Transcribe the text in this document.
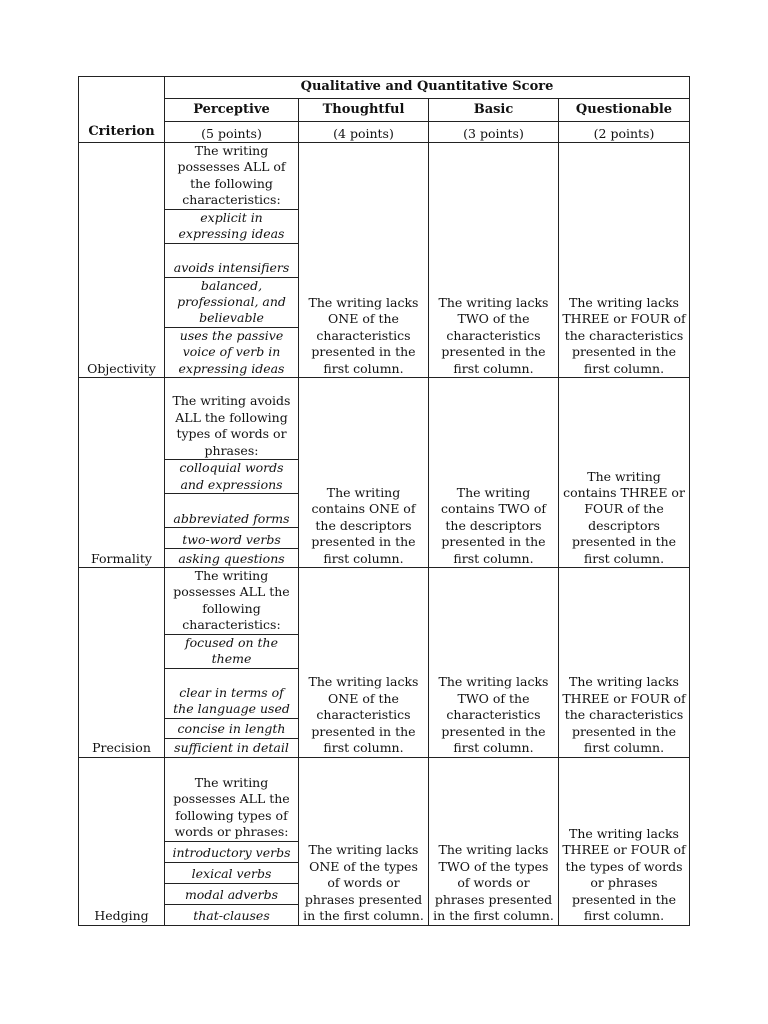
Criterion	Qualitative and Quantitative Score			
	Perceptive	Thoughtful	Basic	Questionable
	(5 points)	(4 points)	(3 points)	(2 points)
Objectivity	The writing possesses ALL of the following characteristics:	The writing lacks ONE of the characteristics presented in the first column.	The writing lacks TWO of the characteristics presented in the first column.	The writing lacks THREE or FOUR of the characteristics presented in the first column.
	explicit in expressing ideas			
	avoids intensifiers			
	balanced, professional, and believable			
	uses the passive voice of verb in expressing ideas			
Formality	The writing avoids ALL the following types of words or phrases:	The writing contains ONE of the descriptors presented in the first column.	The writing contains TWO of the descriptors presented in the first column.	The writing contains THREE or FOUR of the descriptors presented in the first column.
	colloquial words and expressions			
	abbreviated forms			
	two-word verbs			
	asking questions			
Precision	The writing possesses ALL the following characteristics:	The writing lacks ONE of the characteristics presented in the first column.	The writing lacks TWO of the characteristics presented in the first column.	The writing lacks THREE or FOUR of the characteristics presented in the first column.
	focused on the theme			
	clear in terms of the language used			
	concise in length			
	sufficient in detail			
Hedging	The writing possesses ALL the following types of words or phrases:	The writing lacks ONE of the types of words or phrases presented in the first column.	The writing lacks TWO of the types of words or phrases presented in the first column.	The writing lacks THREE or FOUR of the types of words or phrases presented in the first column.
	introductory verbs			
	lexical verbs			
	modal adverbs			
	that-clauses			
